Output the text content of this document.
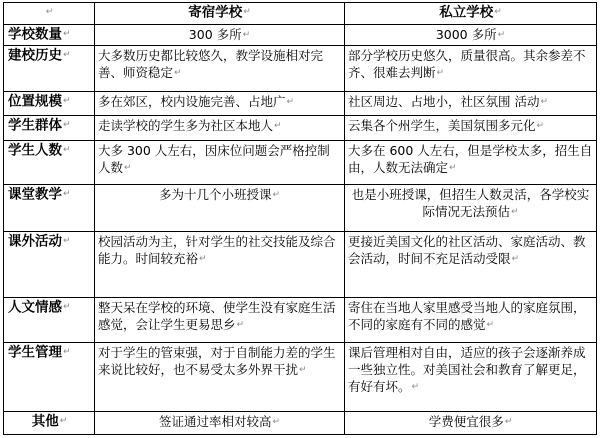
↵	寄宿学校↵	私立学校↵
学校数量↵	300 多所↵	3000 多所↵
建校历史↵	大多数历史都比较悠久，教学设施相对完善、师资稳定↵	部分学校历史悠久，质量很高。其余参差不齐、很难去判断↵
位置规模↵	多在郊区，校内设施完善、占地广↵	社区周边、占地小，社区氛围 活动↵
学生群体↵	走读学校的学生多为社区本地人↵	云集各个州学生，美国氛围多元化↵
学生人数↵	大多 300 人左右，因床位问题会严格控制人数↵	大多在 600 人左右，但是学校太多，招生自由，人数无法确定↵
课堂教学↵	多为十几个小班授课↵	也是小班授课，但招生人数灵活，各学校实际情况无法预估↵
课外活动↵	校园活动为主，针对学生的社交技能及综合能力。时间较充裕↵	更接近美国文化的社区活动、家庭活动、教会活动，时间不充足活动受限↵
人文情感↵	整天呆在学校的环境、使学生没有家庭生活感觉，会让学生更易思乡↵	寄住在当地人家里感受当地人的家庭氛围，不同的家庭有不同的感觉↵
学生管理↵	对于学生的管束强，对于自制能力差的学生来说比较好，也不易受太多外界干扰↵	课后管理相对自由，适应的孩子会逐渐养成一些独立性。对美国社会和教育了解更足，有好有坏。↵
其他↵	签证通过率相对较高↵	学费便宜很多↵
